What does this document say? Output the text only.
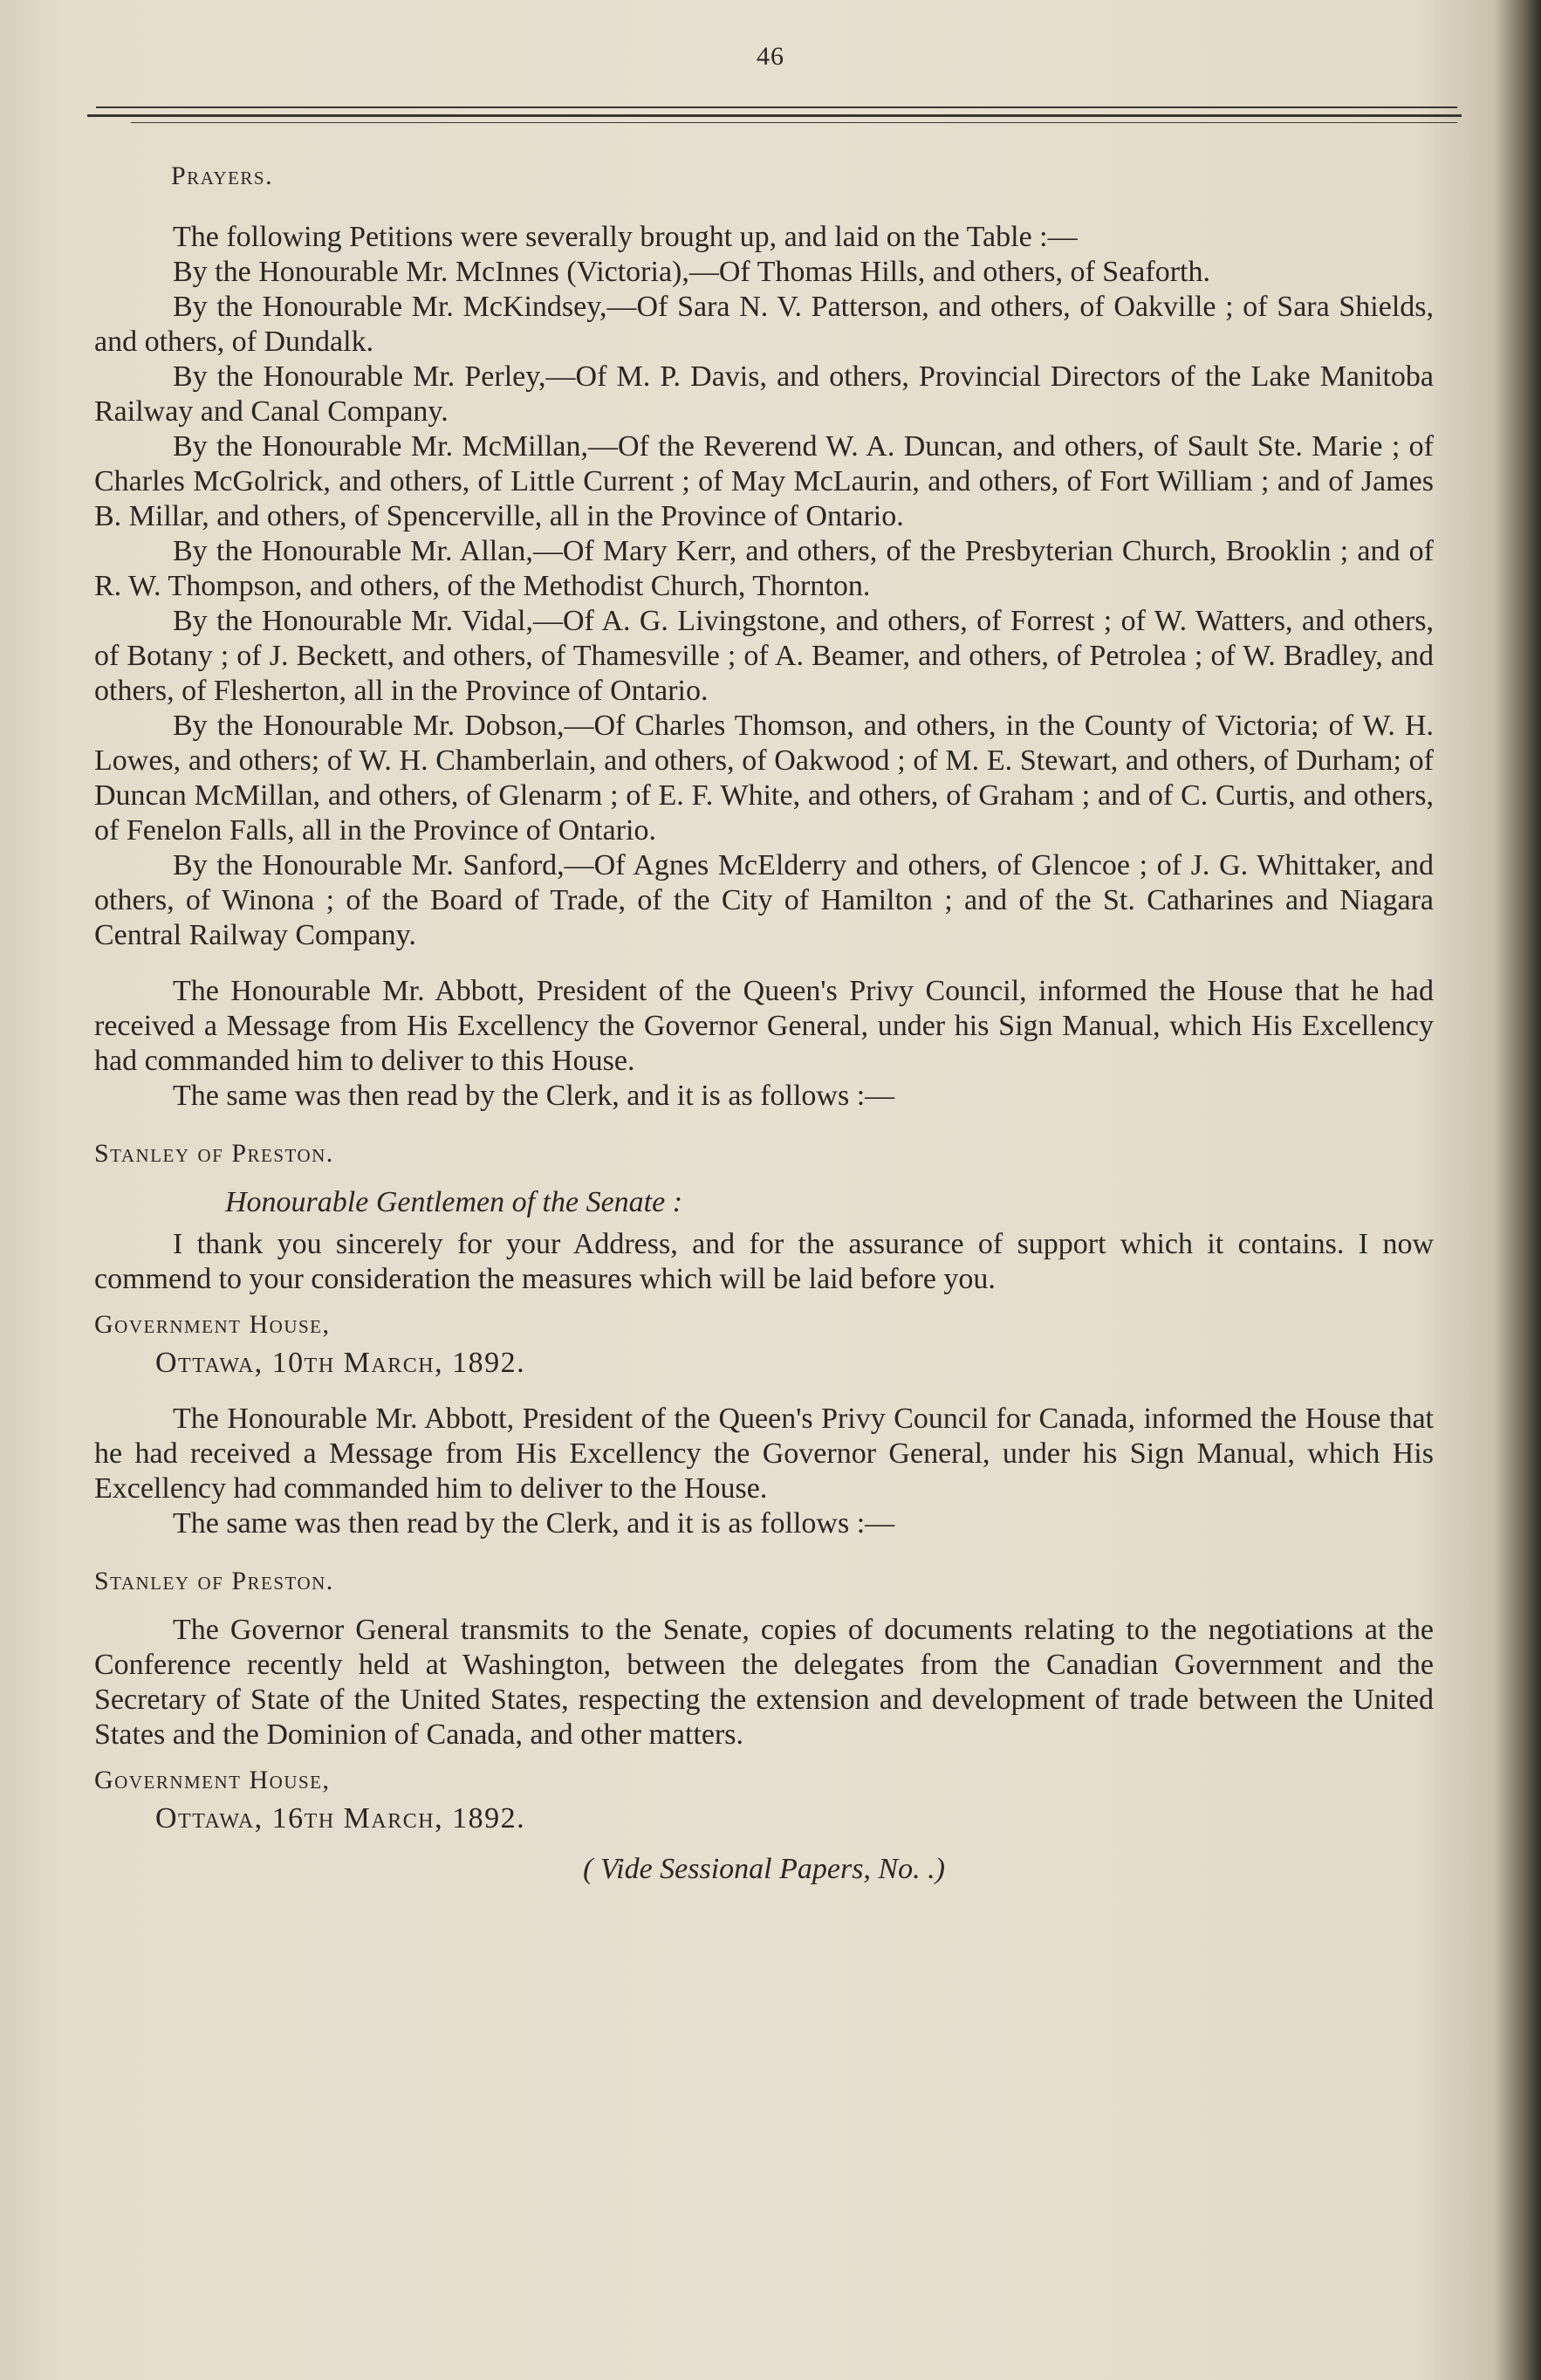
46
Prayers.

The following Petitions were severally brought up, and laid on the Table :—

By the Honourable Mr. McInnes (Victoria),—Of Thomas Hills, and others, of Seaforth.

By the Honourable Mr. McKindsey,—Of Sara N. V. Patterson, and others, of Oakville ; of Sara Shields, and others, of Dundalk.

By the Honourable Mr. Perley,—Of M. P. Davis, and others, Provincial Directors of the Lake Manitoba Railway and Canal Company.

By the Honourable Mr. McMillan,—Of the Reverend W. A. Duncan, and others, of Sault Ste. Marie ; of Charles McGolrick, and others, of Little Current ; of May McLaurin, and others, of Fort William ; and of James B. Millar, and others, of Spencerville, all in the Province of Ontario.

By the Honourable Mr. Allan,—Of Mary Kerr, and others, of the Presbyterian Church, Brooklin ; and of R. W. Thompson, and others, of the Methodist Church, Thornton.

By the Honourable Mr. Vidal,—Of A. G. Livingstone, and others, of Forrest ; of W. Watters, and others, of Botany ; of J. Beckett, and others, of Thamesville ; of A. Beamer, and others, of Petrolea ; of W. Bradley, and others, of Flesherton, all in the Province of Ontario.

By the Honourable Mr. Dobson,—Of Charles Thomson, and others, in the County of Victoria; of W. H. Lowes, and others; of W. H. Chamberlain, and others, of Oakwood ; of M. E. Stewart, and others, of Durham; of Duncan McMillan, and others, of Glenarm ; of E. F. White, and others, of Graham ; and of C. Curtis, and others, of Fenelon Falls, all in the Province of Ontario.

By the Honourable Mr. Sanford,—Of Agnes McElderry and others, of Glencoe ; of J. G. Whittaker, and others, of Winona ; of the Board of Trade, of the City of Hamilton ; and of the St. Catharines and Niagara Central Railway Company.

The Honourable Mr. Abbott, President of the Queen's Privy Council, informed the House that he had received a Message from His Excellency the Governor General, under his Sign Manual, which His Excellency had commanded him to deliver to this House.

The same was then read by the Clerk, and it is as follows :—

Stanley of Preston.
Honourable Gentlemen of the Senate :

I thank you sincerely for your Address, and for the assurance of support which it contains. I now commend to your consideration the measures which will be laid before you.

Government House,
Ottawa, 10th March, 1892.

The Honourable Mr. Abbott, President of the Queen's Privy Council for Canada, informed the House that he had received a Message from His Excellency the Governor General, under his Sign Manual, which His Excellency had commanded him to deliver to the House.

The same was then read by the Clerk, and it is as follows :—

Stanley of Preston.

The Governor General transmits to the Senate, copies of documents relating to the negotiations at the Conference recently held at Washington, between the delegates from the Canadian Government and the Secretary of State of the United States, respecting the extension and development of trade between the United States and the Dominion of Canada, and other matters.

Government House,
Ottawa, 16th March, 1892.
( Vide Sessional Papers, No. .)
